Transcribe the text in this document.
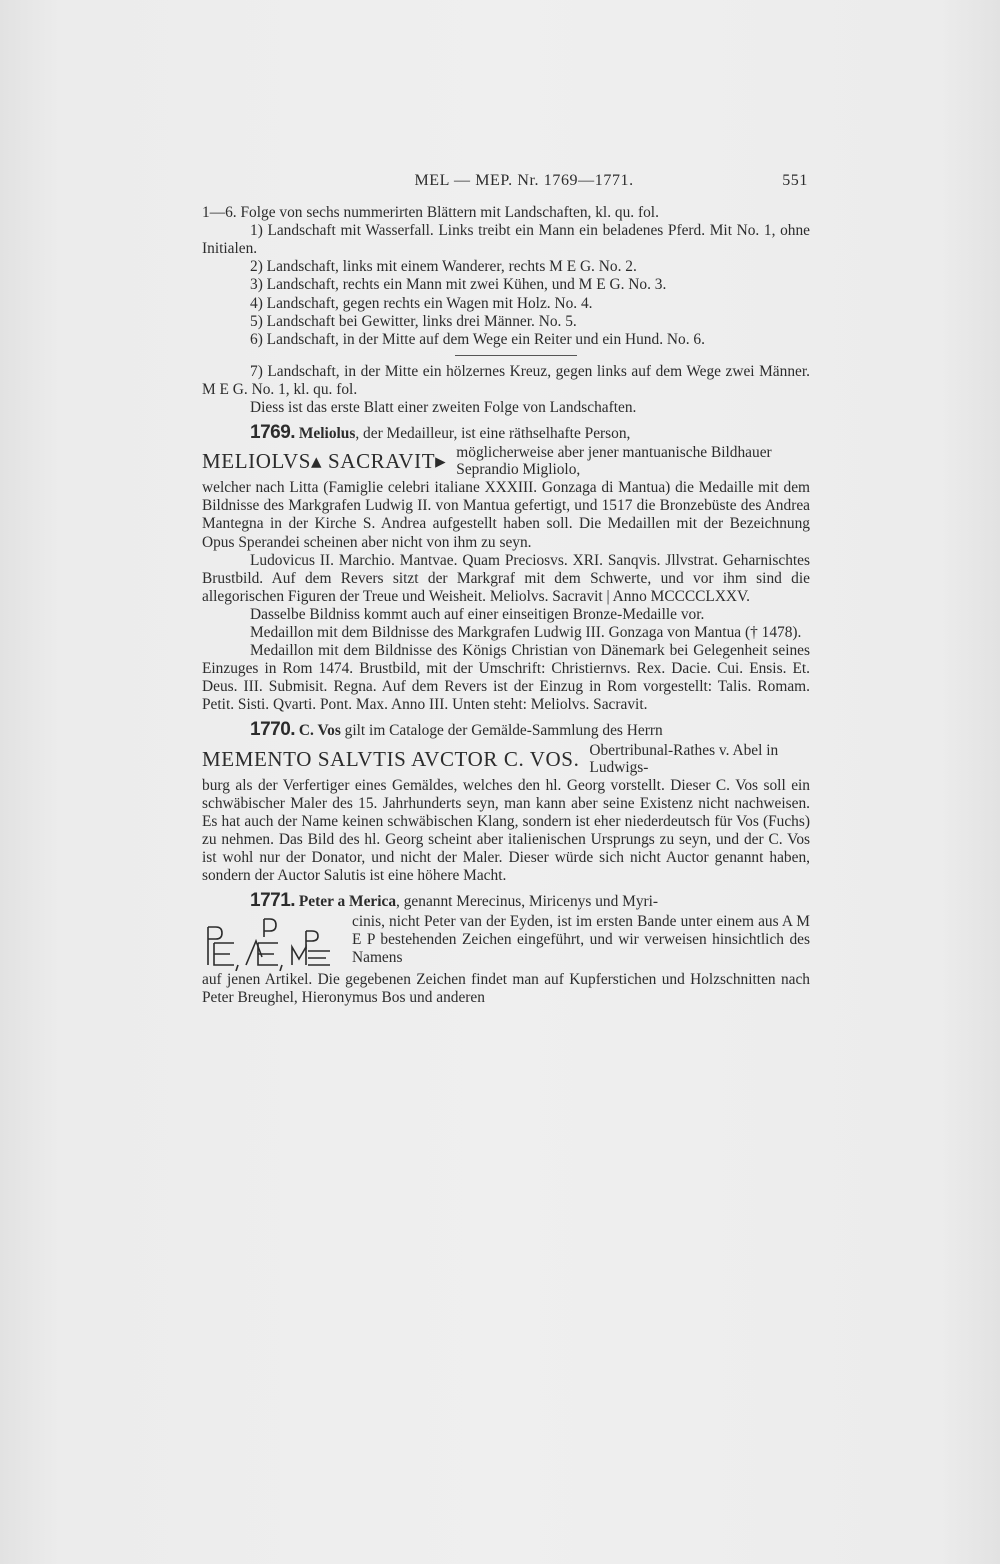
MEL — MEP. Nr. 1769—1771.	551

1—6. Folge von sechs nummerirten Blättern mit Landschaften, kl. qu. fol.

1) Landschaft mit Wasserfall. Links treibt ein Mann ein beladenes Pferd. Mit No. 1, ohne Initialen.

2) Landschaft, links mit einem Wanderer, rechts M E G. No. 2.

3) Landschaft, rechts ein Mann mit zwei Kühen, und M E G. No. 3.

4) Landschaft, gegen rechts ein Wagen mit Holz. No. 4.

5) Landschaft bei Gewitter, links drei Männer. No. 5.

6) Landschaft, in der Mitte auf dem Wege ein Reiter und ein Hund. No. 6.

7) Landschaft, in der Mitte ein hölzernes Kreuz, gegen links auf dem Wege zwei Männer. M E G. No. 1, kl. qu. fol.

Diess ist das erste Blatt einer zweiten Folge von Landschaften.

1769. Meliolus, der Medailleur, ist eine räthselhafte Person,

MELIOLVS▴ SACRAVIT▸ möglicherweise aber jener mantuanische Bildhauer Seprandio Migliolo,

welcher nach Litta (Famiglie celebri italiane XXXIII. Gonzaga di Mantua) die Medaille mit dem Bildnisse des Markgrafen Ludwig II. von Mantua gefertigt, und 1517 die Bronzebüste des Andrea Mantegna in der Kirche S. Andrea aufgestellt haben soll. Die Medaillen mit der Bezeichnung Opus Sperandei scheinen aber nicht von ihm zu seyn.

Ludovicus II. Marchio. Mantvae. Quam Preciosvs. XRI. Sanqvis. Jllvstrat. Geharnischtes Brustbild. Auf dem Revers sitzt der Markgraf mit dem Schwerte, und vor ihm sind die allegorischen Figuren der Treue und Weisheit. Meliolvs. Sacravit | Anno MCCCCLXXV.

Dasselbe Bildniss kommt auch auf einer einseitigen Bronze-Medaille vor.

Medaillon mit dem Bildnisse des Markgrafen Ludwig III. Gonzaga von Mantua († 1478).

Medaillon mit dem Bildnisse des Königs Christian von Dänemark bei Gelegenheit seines Einzuges in Rom 1474. Brustbild, mit der Umschrift: Christiernvs. Rex. Dacie. Cui. Ensis. Et. Deus. III. Submisit. Regna. Auf dem Revers ist der Einzug in Rom vorgestellt: Talis. Romam. Petit. Sisti. Qvarti. Pont. Max. Anno III. Unten steht: Meliolvs. Sacravit.

1770. C. Vos gilt im Cataloge der Gemälde-Sammlung des Herrn

MEMENTO SALVTIS AVCTOR C. VOS. Obertribunal-Rathes v. Abel in Ludwigs-

burg als der Verfertiger eines Gemäldes, welches den hl. Georg vorstellt. Dieser C. Vos soll ein schwäbischer Maler des 15. Jahrhunderts seyn, man kann aber seine Existenz nicht nachweisen. Es hat auch der Name keinen schwäbischen Klang, sondern ist eher niederdeutsch für Vos (Fuchs) zu nehmen. Das Bild des hl. Georg scheint aber italienischen Ursprungs zu seyn, und der C. Vos ist wohl nur der Donator, und nicht der Maler. Dieser würde sich nicht Auctor genannt haben, sondern der Auctor Salutis ist eine höhere Macht.

1771. Peter a Merica, genannt Merecinus, Miricenys und Myri-

cinis, nicht Peter van der Eyden, ist im ersten Bande unter einem aus A M E P bestehenden Zeichen eingeführt, und wir verweisen hinsichtlich des Namens

auf jenen Artikel. Die gegebenen Zeichen findet man auf Kupferstichen und Holzschnitten nach Peter Breughel, Hieronymus Bos und anderen
